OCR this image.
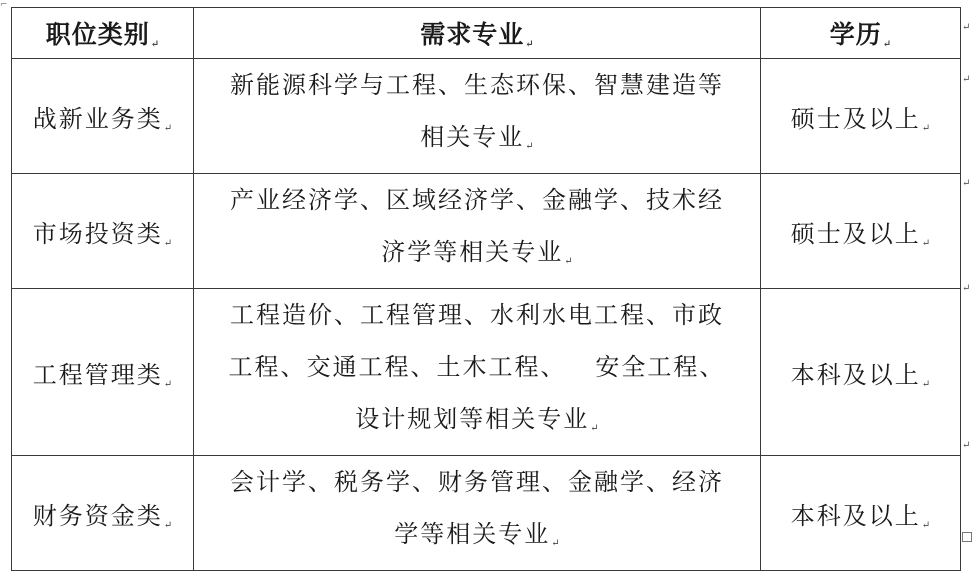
⌐
职位类别↵	需求专业↵	学历↵
战新业务类↵	新能源科学与工程、生态环保、智慧建造等
相关专业↵	硕士及以上↵
市场投资类↵	产业经济学、区域经济学、金融学、技术经
济学等相关专业↵	硕士及以上↵
工程管理类↵	工程造价、工程管理、水利水电工程、市政
工程、交通工程、土木工程、   安全工程、
设计规划等相关专业↵	本科及以上↵
财务资金类↵	会计学、税务学、财务管理、金融学、经济
学等相关专业↵	本科及以上↵
↵
↵
↵
↵
↵
